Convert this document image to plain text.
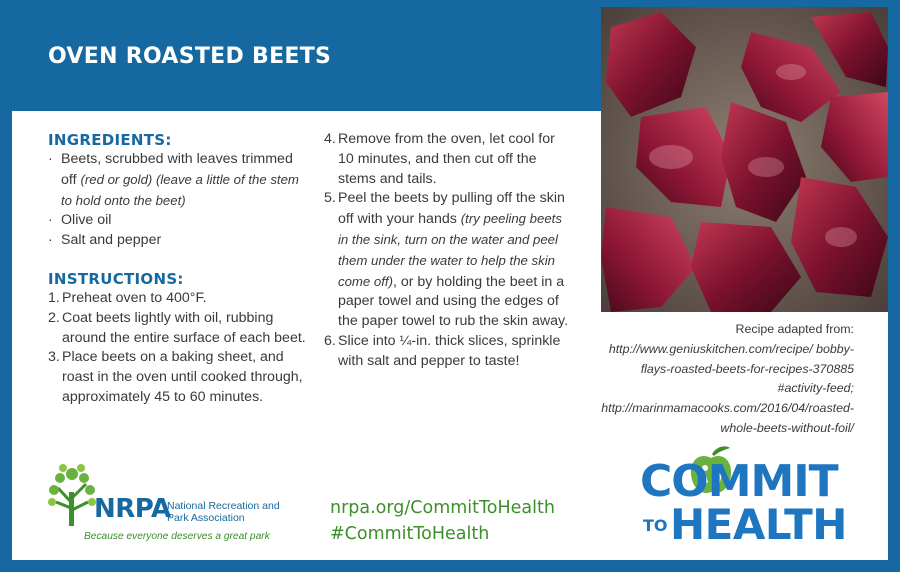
OVEN ROASTED BEETS
INGREDIENTS:
· Beets, scrubbed with leaves trimmed off (red or gold) (leave a little of the stem to hold onto the beet)
· Olive oil
· Salt and pepper
INSTRUCTIONS:
1. Preheat oven to 400°F.
2. Coat beets lightly with oil, rubbing around the entire surface of each beet.
3. Place beets on a baking sheet, and roast in the oven until cooked through, approximately 45 to 60 minutes.
4. Remove from the oven, let cool for 10 minutes, and then cut off the stems and tails.
5. Peel the beets by pulling off the skin off with your hands (try peeling beets in the sink, turn on the water and peel them under the water to help the skin come off), or by holding the beet in a paper towel and using the edges of the paper towel to rub the skin away.
6. Slice into ¼-in. thick slices, sprinkle with salt and pepper to taste!
Recipe adapted from:
http://www.geniuskitchen.com/recipe/ bobby-flays-roasted-beets-for-recipes-370885 #activity-feed;
http://marinmamacooks.com/2016/04/roasted- whole-beets-without-foil/
NRPA
National Recreation and Park Association
Because everyone deserves a great park
nrpa.org/CommitToHealth
#CommitToHealth
COMMIT
TO HEALTH
